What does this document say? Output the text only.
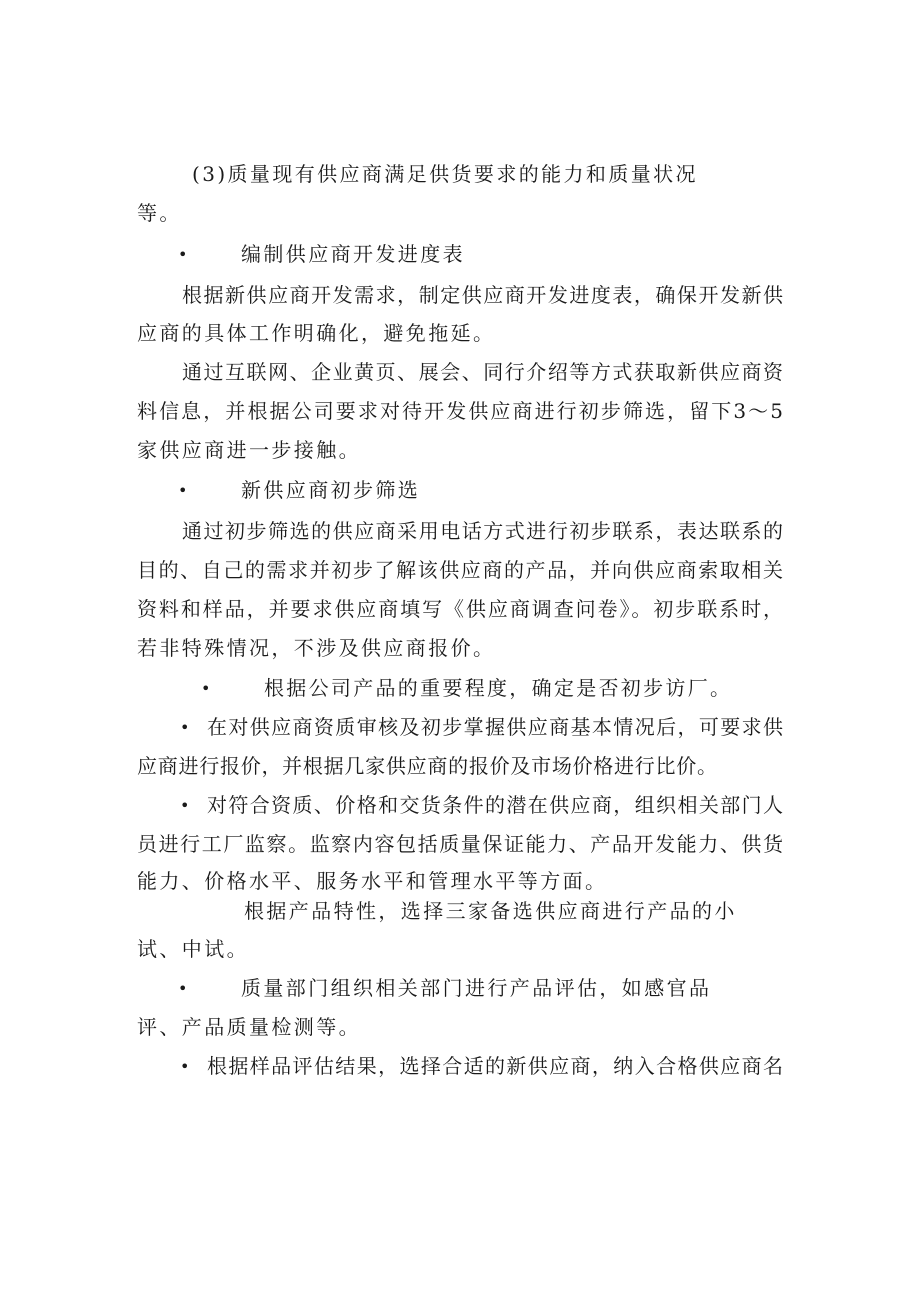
(3)质量现有供应商满足供货要求的能力和质量状况
等。
•	编制供应商开发进度表
根据新供应商开发需求，制定供应商开发进度表，确保开发新供
应商的具体工作明确化，避免拖延。
通过互联网、企业黄页、展会、同行介绍等方式获取新供应商资
料信息，并根据公司要求对待开发供应商进行初步筛选，留下3～5
家供应商进一步接触。
•	新供应商初步筛选
通过初步筛选的供应商采用电话方式进行初步联系，表达联系的
目的、自己的需求并初步了解该供应商的产品，并向供应商索取相关
资料和样品，并要求供应商填写《供应商调查问卷》。初步联系时，
若非特殊情况，不涉及供应商报价。
•	根据公司产品的重要程度，确定是否初步访厂。
• 在对供应商资质审核及初步掌握供应商基本情况后，可要求供
应商进行报价，并根据几家供应商的报价及市场价格进行比价。
• 对符合资质、价格和交货条件的潜在供应商，组织相关部门人
员进行工厂监察。监察内容包括质量保证能力、产品开发能力、供货
能力、价格水平、服务水平和管理水平等方面。
根据产品特性，选择三家备选供应商进行产品的小
试、中试。
•	质量部门组织相关部门进行产品评估，如感官品
评、产品质量检测等。
• 根据样品评估结果，选择合适的新供应商，纳入合格供应商名
